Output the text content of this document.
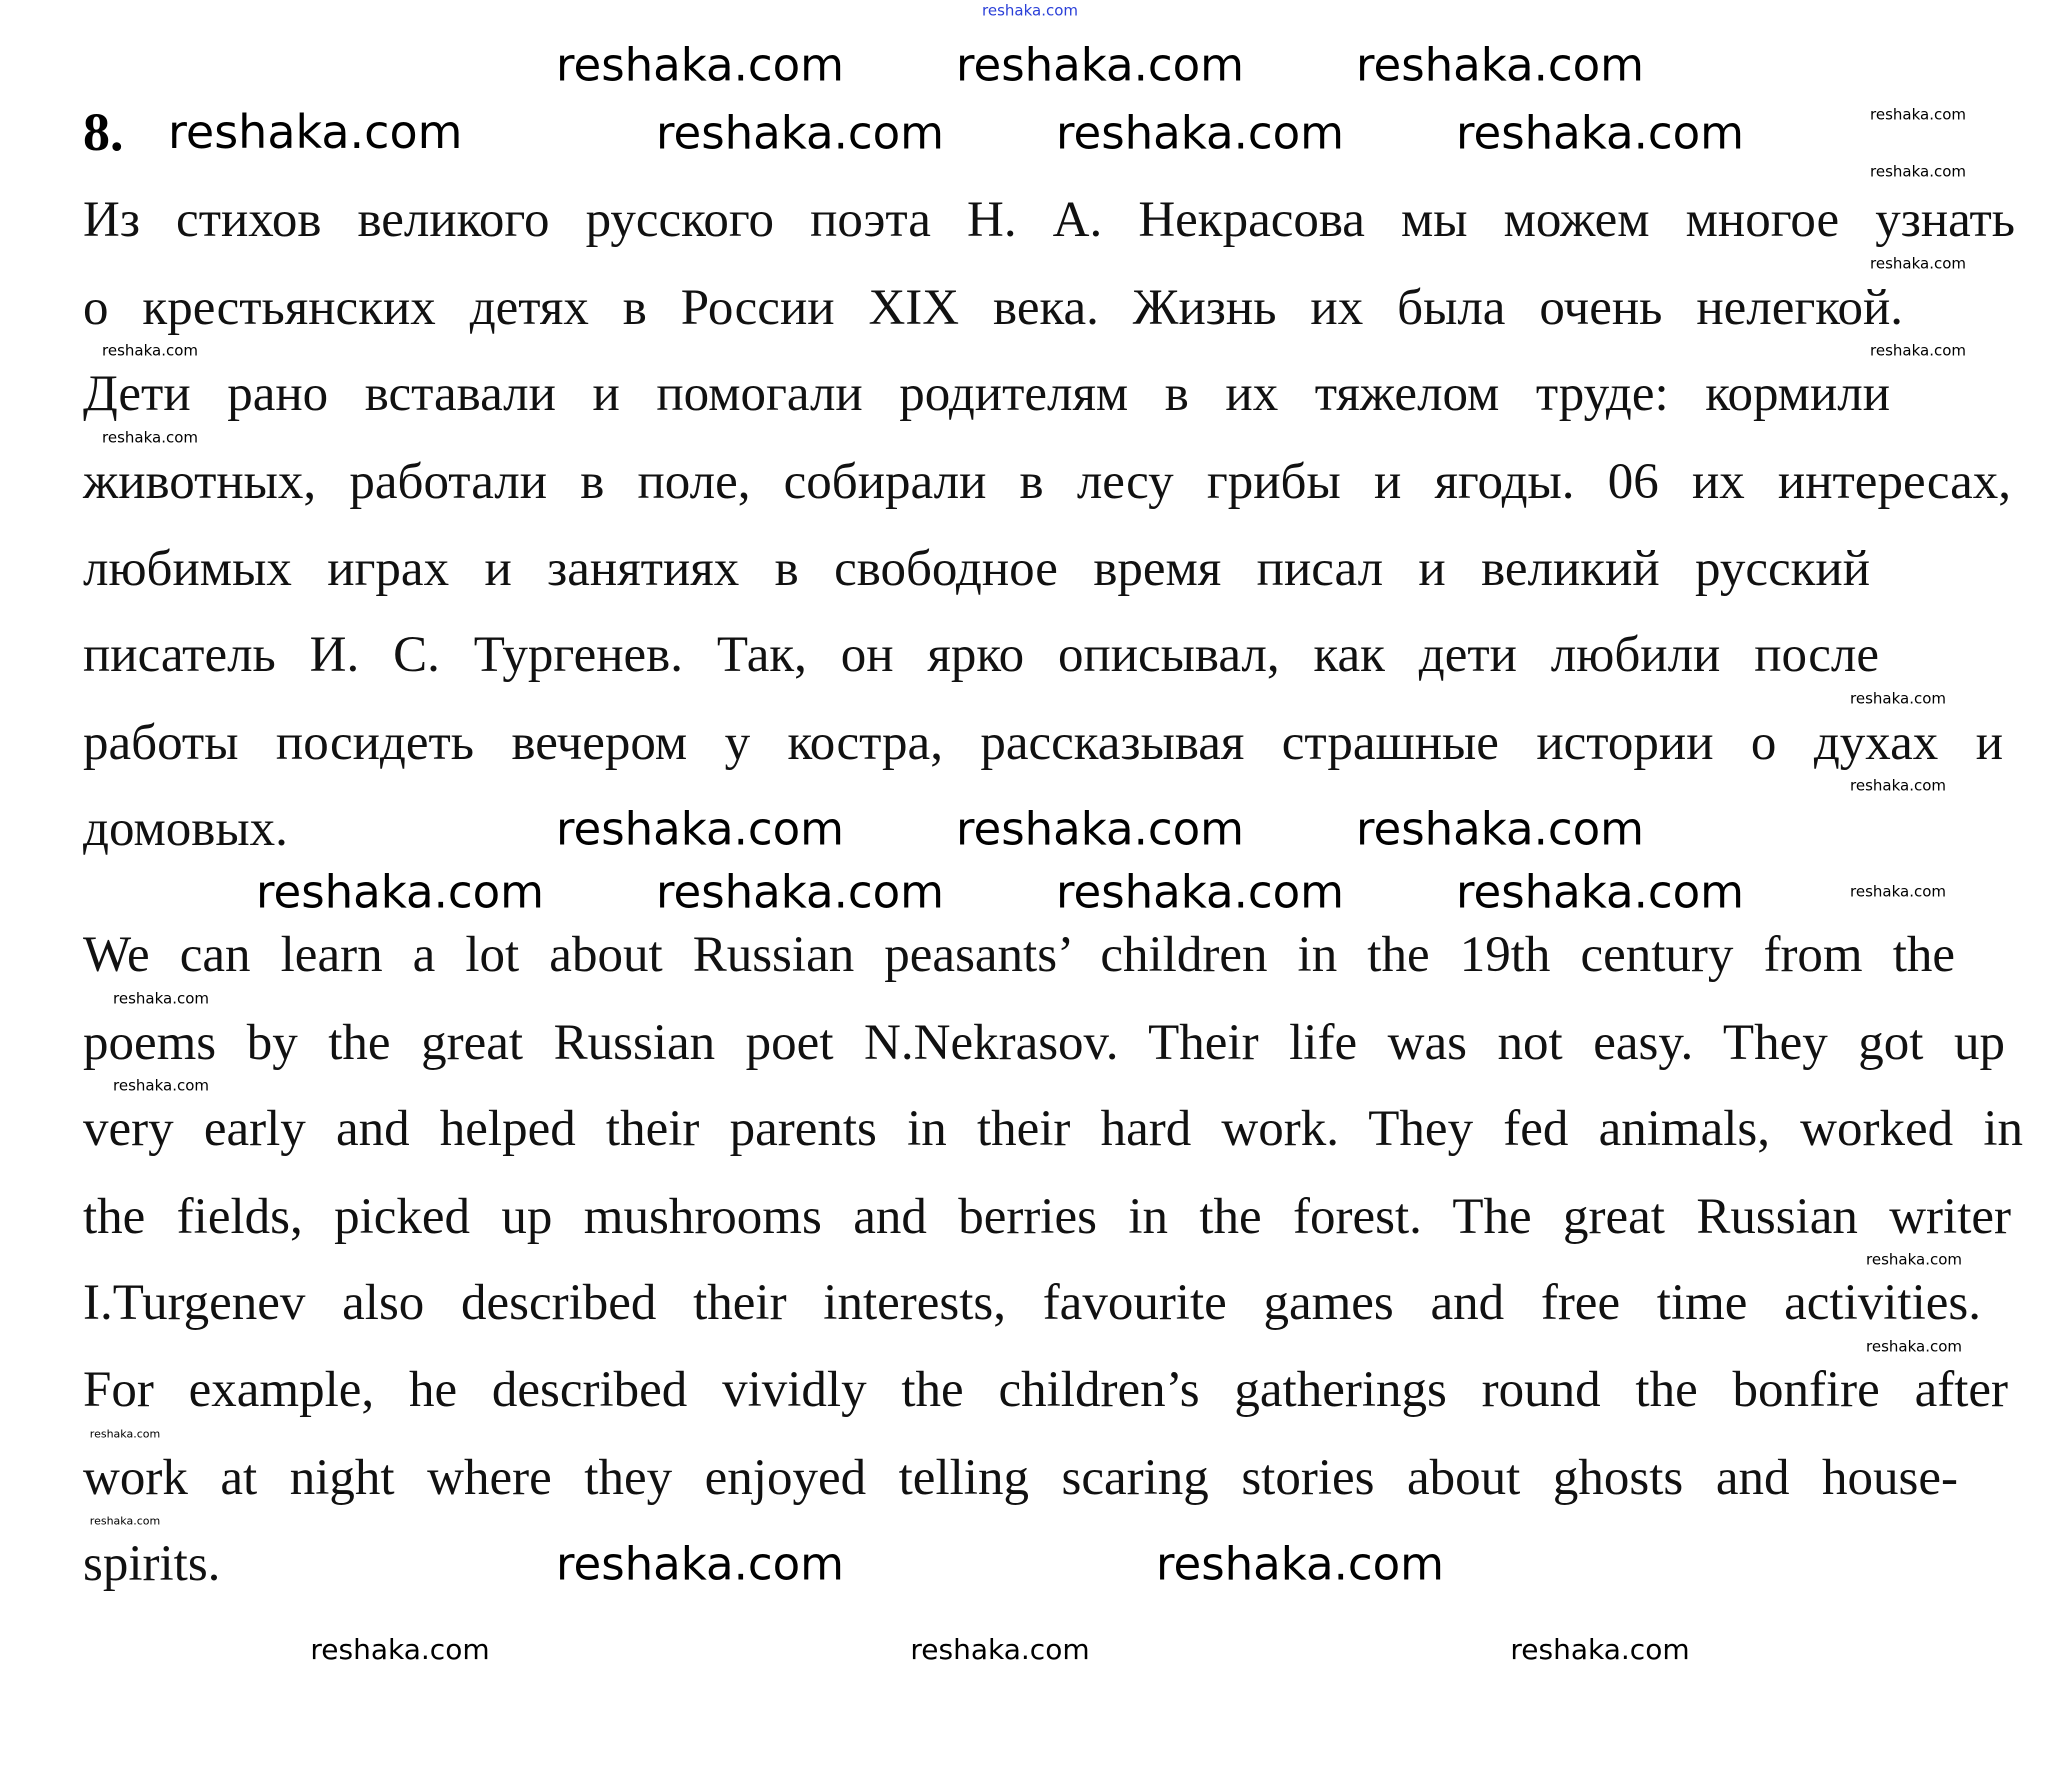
reshaka.com
8. reshaka.com
Из стихов великого русского поэта Н. А. Некрасова мы можем многое узнать
о крестьянских детях в России XIX века. Жизнь их была очень нелегкой.
Дети рано вставали и помогали родителям в их тяжелом труде: кормили
животных, работали в поле, собирали в лесу грибы и ягоды. 06 их интересах,
любимых играх и занятиях в свободное время писал и великий русский
писатель И. С. Тургенев. Так, он ярко описывал, как дети любили после
работы посидеть вечером у костра, рассказывая страшные истории о духах и
домовых.
We can learn a lot about Russian peasants’ children in the 19th century from the
poems by the great Russian poet N.Nekrasov. Their life was not easy. They got up
very early and helped their parents in their hard work. They fed animals, worked in
the fields, picked up mushrooms and berries in the forest. The great Russian writer
I.Turgenev also described their interests, favourite games and free time activities.
For example, he described vividly the children’s gatherings round the bonfire after
work at night where they enjoyed telling scaring stories about ghosts and house-
spirits.
reshaka.com reshaka.com reshaka.com
reshaka.com reshaka.com reshaka.com
reshaka.com reshaka.com reshaka.com
reshaka.com reshaka.com reshaka.com reshaka.com
reshaka.com	reshaka.com
reshaka.com	reshaka.com	reshaka.com
reshaka.com
reshaka.com
reshaka.com
reshaka.com
reshaka.com
reshaka.com
reshaka.com
reshaka.com
reshaka.com
reshaka.com
reshaka.com
reshaka.com
reshaka.com
reshaka.com
reshaka.com
